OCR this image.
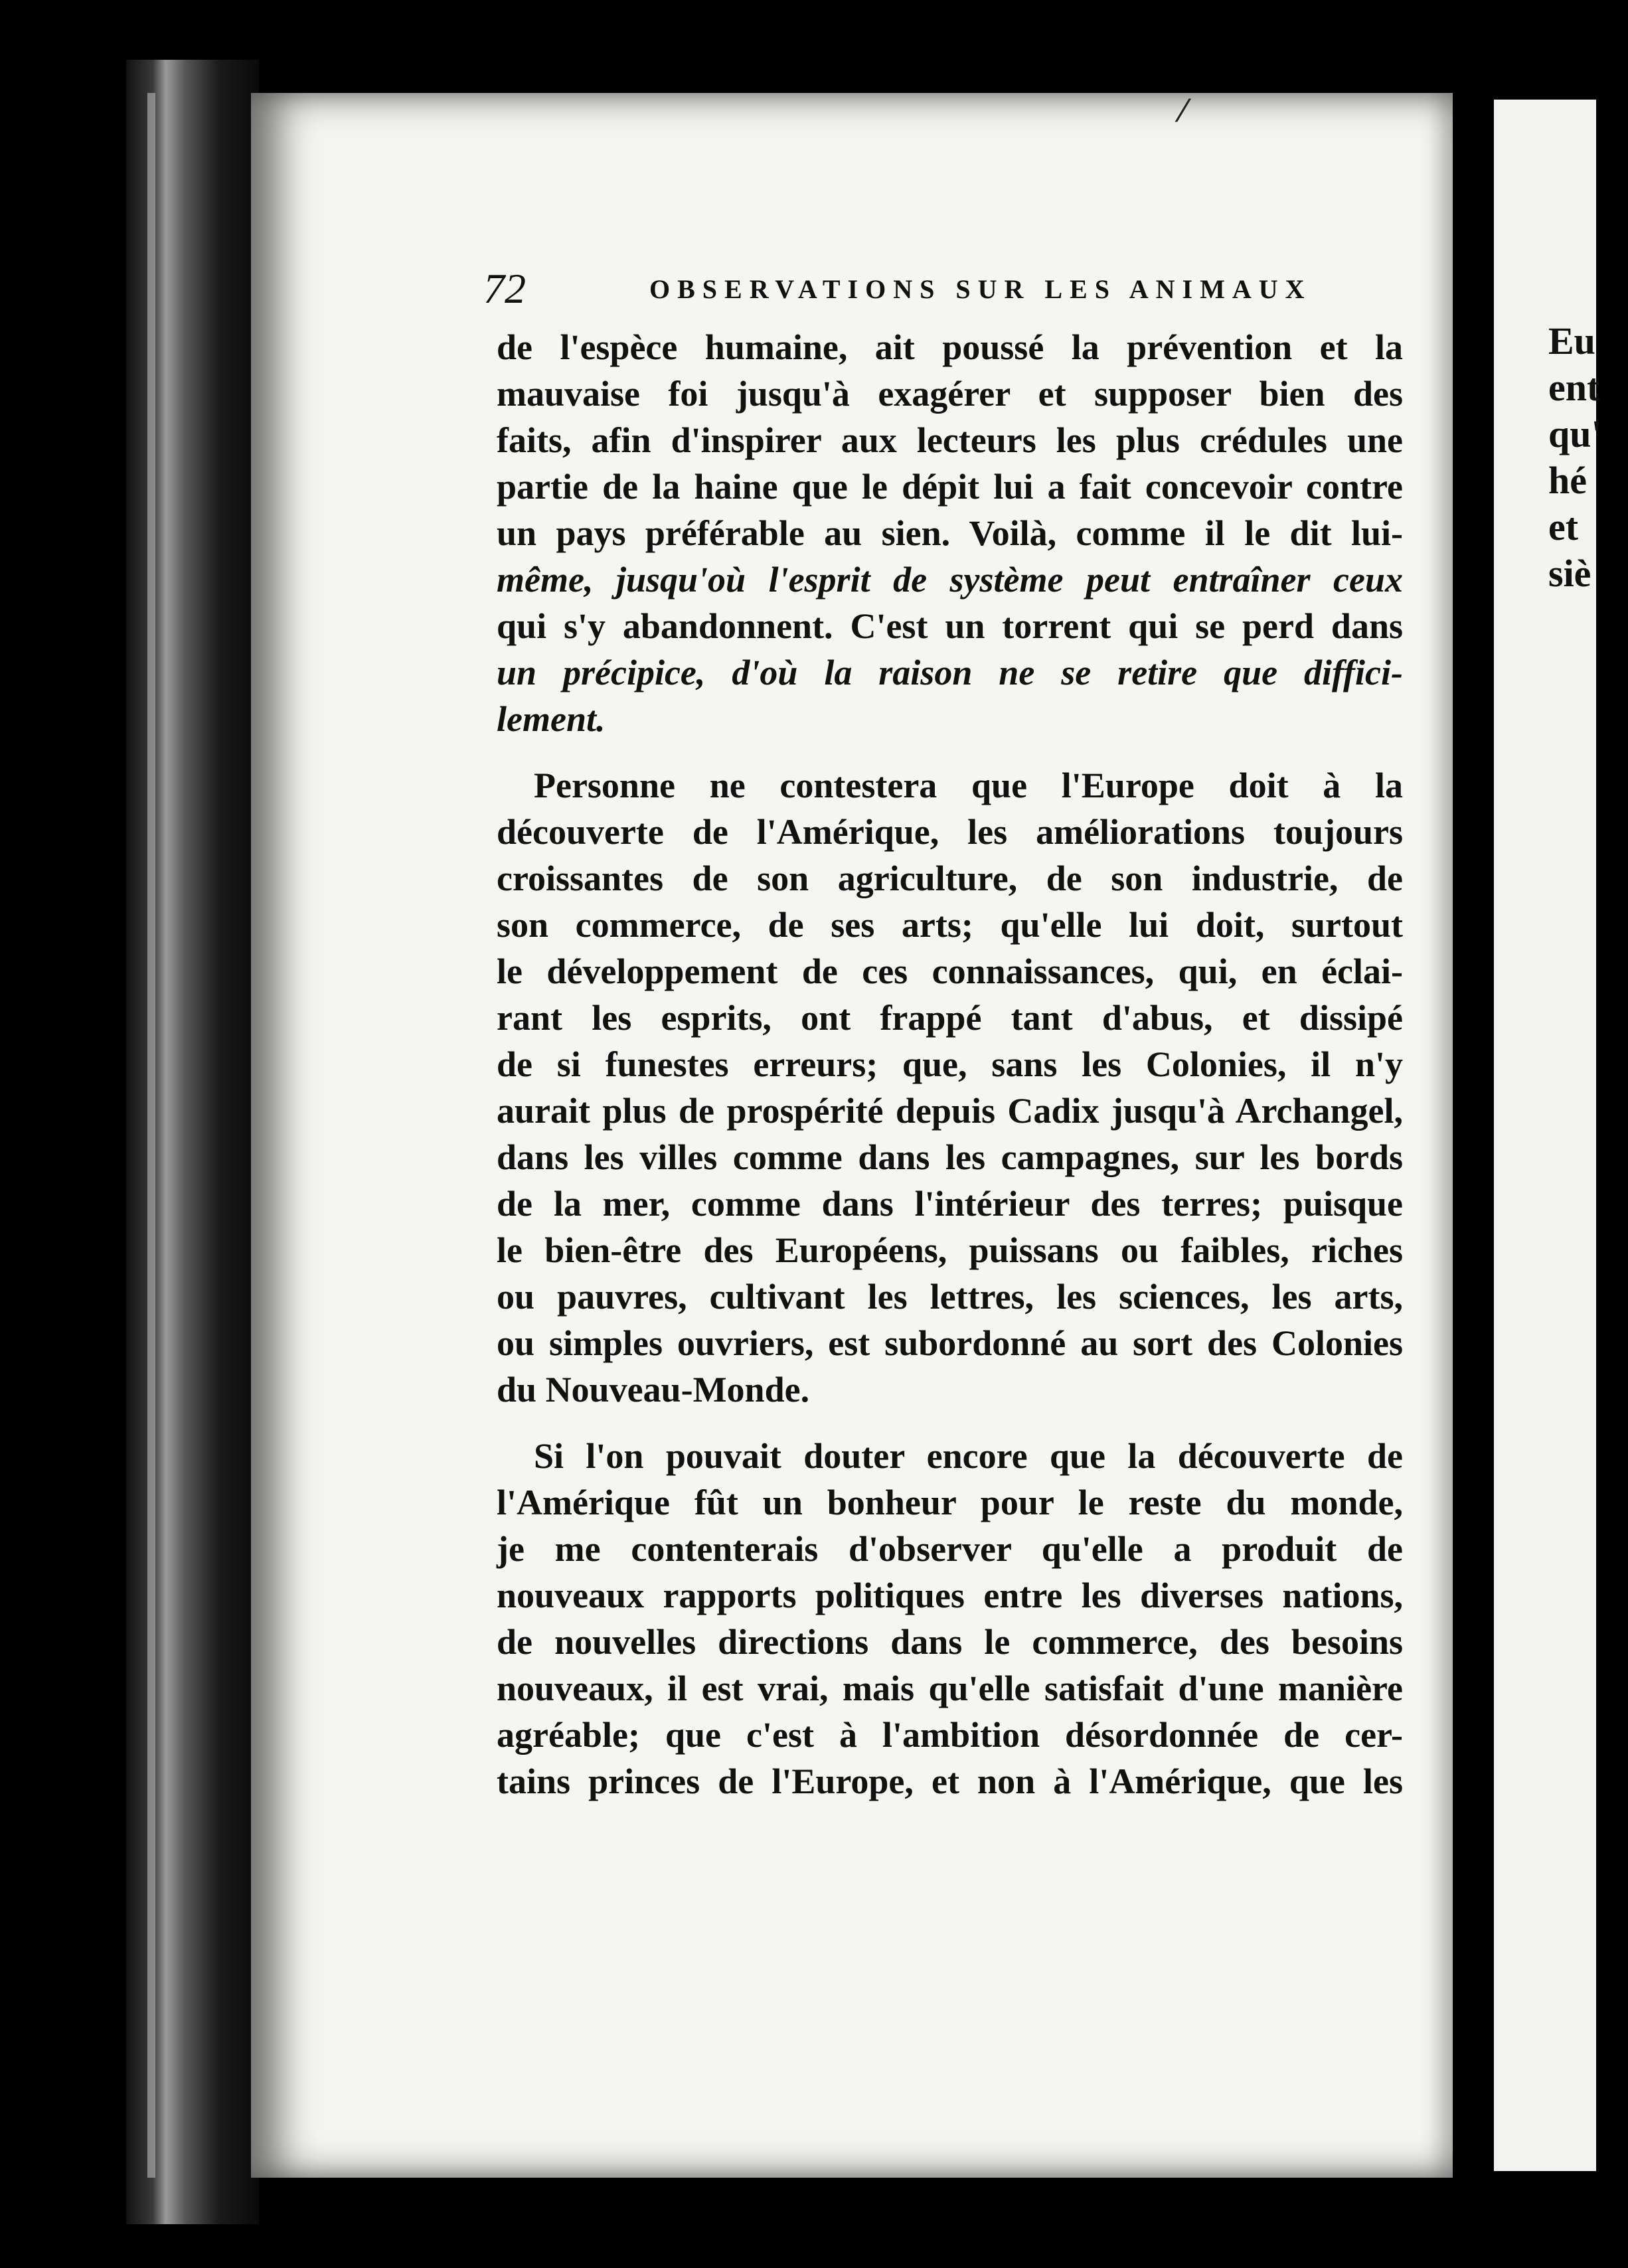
Eu
ent
qu'
hé
et
siè
72	OBSERVATIONS SUR LES ANIMAUX
⁄
de l'espèce humaine, ait poussé la prévention et la
mauvaise foi jusqu'à exagérer et supposer bien des
faits, afin d'inspirer aux lecteurs les plus crédules une
partie de la haine que le dépit lui a fait concevoir contre
un pays préférable au sien. Voilà, comme il le dit lui-
même, jusqu'où l'esprit de système peut entraîner ceux
qui s'y abandonnent. C'est un torrent qui se perd dans
un précipice, d'où la raison ne se retire que diffici-
lement.
Personne ne contestera que l'Europe doit à la
découverte de l'Amérique, les améliorations toujours
croissantes de son agriculture, de son industrie, de
son commerce, de ses arts; qu'elle lui doit, surtout
le développement de ces connaissances, qui, en éclai-
rant les esprits, ont frappé tant d'abus, et dissipé
de si funestes erreurs; que, sans les Colonies, il n'y
aurait plus de prospérité depuis Cadix jusqu'à Archangel,
dans les villes comme dans les campagnes, sur les bords
de la mer, comme dans l'intérieur des terres; puisque
le bien-être des Européens, puissans ou faibles, riches
ou pauvres, cultivant les lettres, les sciences, les arts,
ou simples ouvriers, est subordonné au sort des Colonies
du Nouveau-Monde.
Si l'on pouvait douter encore que la découverte de
l'Amérique fût un bonheur pour le reste du monde,
je me contenterais d'observer qu'elle a produit de
nouveaux rapports politiques entre les diverses nations,
de nouvelles directions dans le commerce, des besoins
nouveaux, il est vrai, mais qu'elle satisfait d'une manière
agréable; que c'est à l'ambition désordonnée de cer-
tains princes de l'Europe, et non à l'Amérique, que les
